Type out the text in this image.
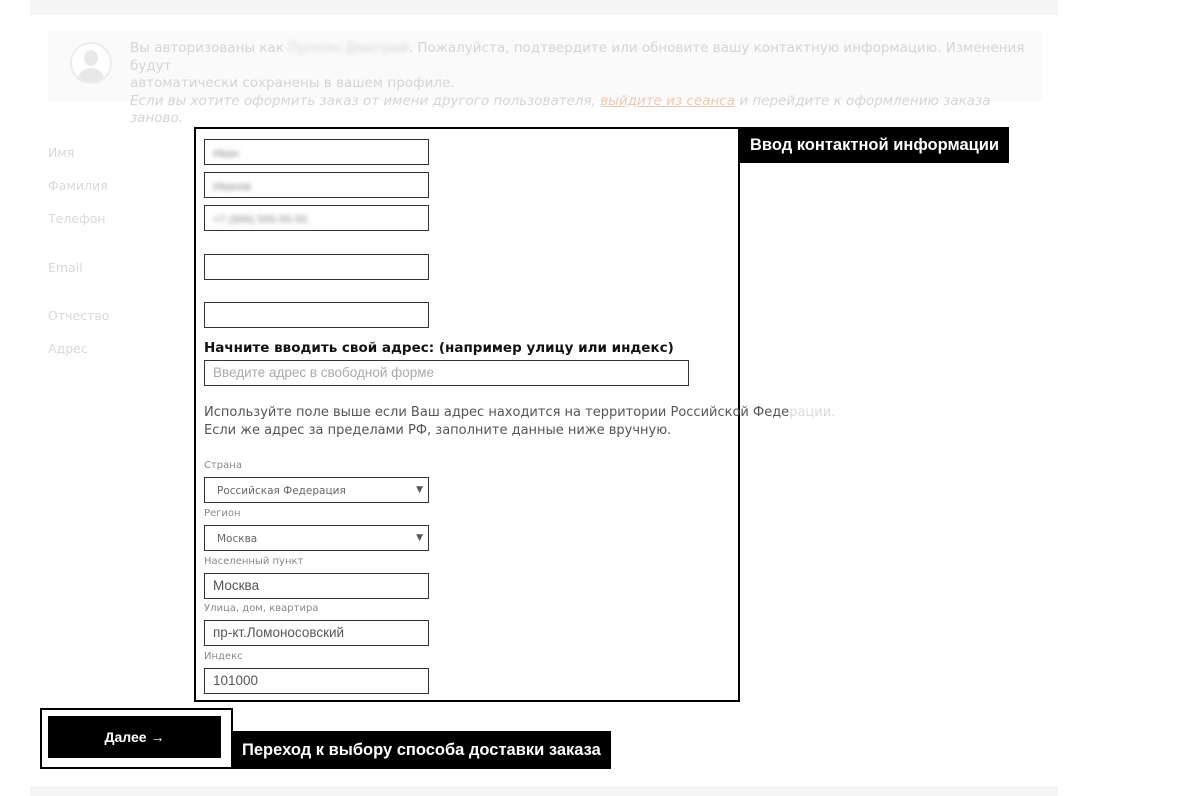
Вы авторизованы как Пупкин Дмитрий. Пожалуйста, подтвердите или обновите вашу контактную информацию. Изменения будут
автоматически сохранены в вашем профиле.
Если вы хотите оформить заказ от имени другого пользователя, выйдите из сеанса и перейдите к оформлению заказа заново.
Имя
Фамилия
Телефон
Email
Отчество
Адрес
Иван
Иванов
+7 (999) 555-55-55
Начните вводить свой адрес: (например улицу или индекс)
Введите адрес в свободной форме
Используйте поле выше если Ваш адрес находится на территории Российской Федерации.
Если же адрес за пределами РФ, заполните данные ниже вручную.
Страна
Российская Федерация	▼
Регион
Москва	▼
Населенный пункт
Москва
Улица, дом, квартира
пр-кт.Ломоносовский
Индекс
101000
Ввод контактной информации
Далее →
Переход к выбору способа доставки заказа
